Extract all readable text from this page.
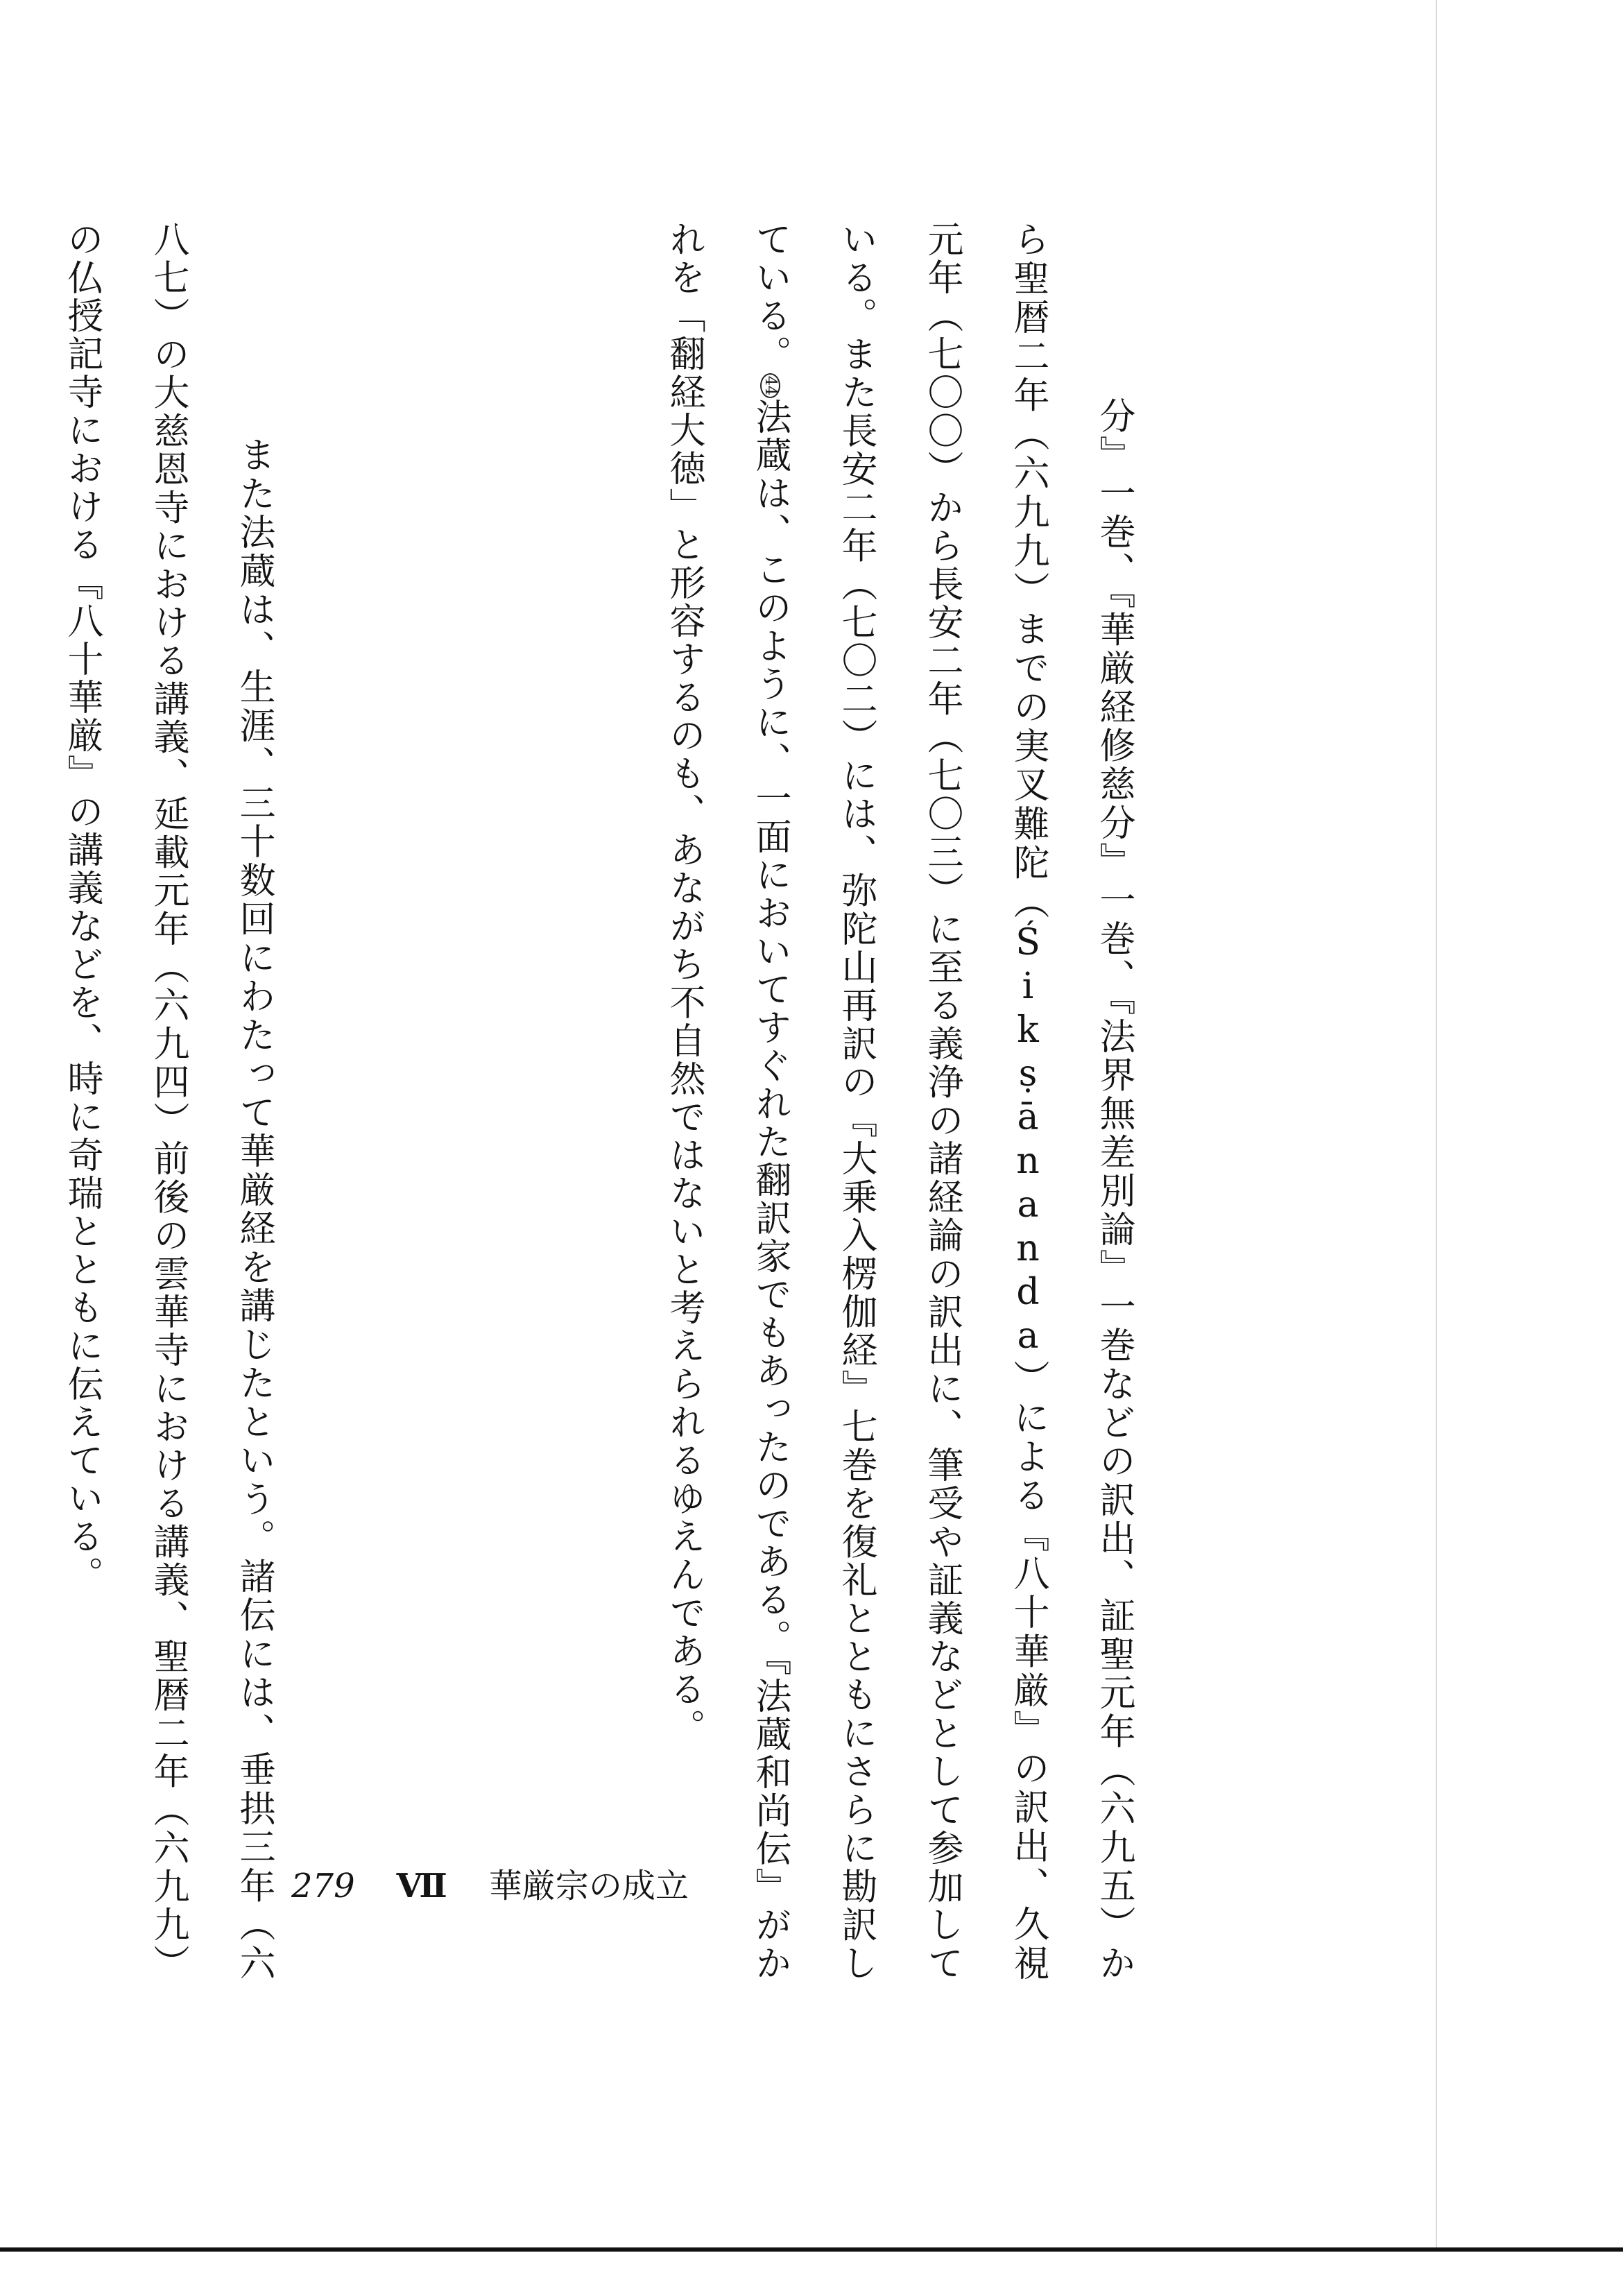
分』一巻、『華厳経修慈分』一巻、『法界無差別論』一巻などの訳出、証聖元年（六九五）から聖暦二年（六九九）までの実叉難陀（Śikṣānanda）による『八十華厳』の訳出、久視元年（七〇〇）から長安二年（七〇三）に至る義浄の諸経論の訳出に、筆受や証義などとして参加している。また長安二年（七〇二）には、弥陀山再訳の『大乗入楞伽経』七巻を復礼とともにさらに勘訳している。44法蔵は、このように、一面においてすぐれた翻訳家でもあったのである。『法蔵和尚伝』がかれを「翻経大徳」と形容するのも、あながち不自然ではないと考えられるゆえんである。

　また法蔵は、生涯、三十数回にわたって華厳経を講じたという。諸伝には、垂拱三年（六八七）の大慈恩寺における講義、延載元年（六九四）前後の雲華寺における講義、聖暦二年（六九九）の仏授記寺における『八十華厳』の講義などを、時に奇瑞とともに伝えている。

279 Ⅶ 華厳宗の成立
